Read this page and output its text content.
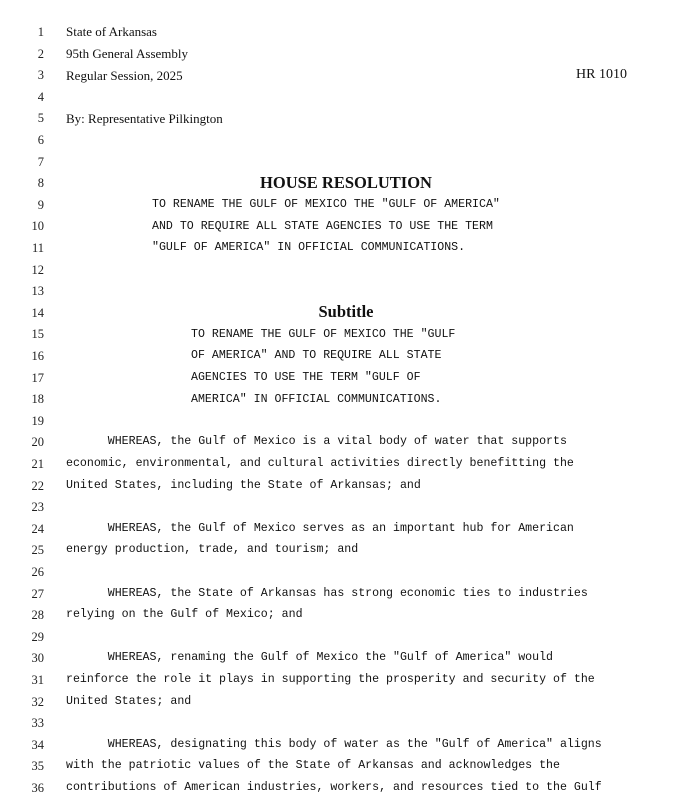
1
2
3
4
5
6
7
8
9
10
11
12
13
14
15
16
17
18
19
20
21
22
23
24
25
26
27
28
29
30
31
32
33
34
35
36
State of Arkansas
95th General Assembly
Regular Session, 2025	HR 1010
By: Representative Pilkington
HOUSE RESOLUTION
TO RENAME THE GULF OF MEXICO THE "GULF OF AMERICA"
AND TO REQUIRE ALL STATE AGENCIES TO USE THE TERM
"GULF OF AMERICA" IN OFFICIAL COMMUNICATIONS.
Subtitle
TO RENAME THE GULF OF MEXICO THE "GULF
OF AMERICA" AND TO REQUIRE ALL STATE
AGENCIES TO USE THE TERM "GULF OF
AMERICA" IN OFFICIAL COMMUNICATIONS.
WHEREAS, the Gulf of Mexico is a vital body of water that supports
economic, environmental, and cultural activities directly benefitting the
United States, including the State of Arkansas; and
WHEREAS, the Gulf of Mexico serves as an important hub for American
energy production, trade, and tourism; and
WHEREAS, the State of Arkansas has strong economic ties to industries
relying on the Gulf of Mexico; and
WHEREAS, renaming the Gulf of Mexico the "Gulf of America" would
reinforce the role it plays in supporting the prosperity and security of the
United States; and
WHEREAS, designating this body of water as the "Gulf of America" aligns
with the patriotic values of the State of Arkansas and acknowledges the
contributions of American industries, workers, and resources tied to the Gulf
